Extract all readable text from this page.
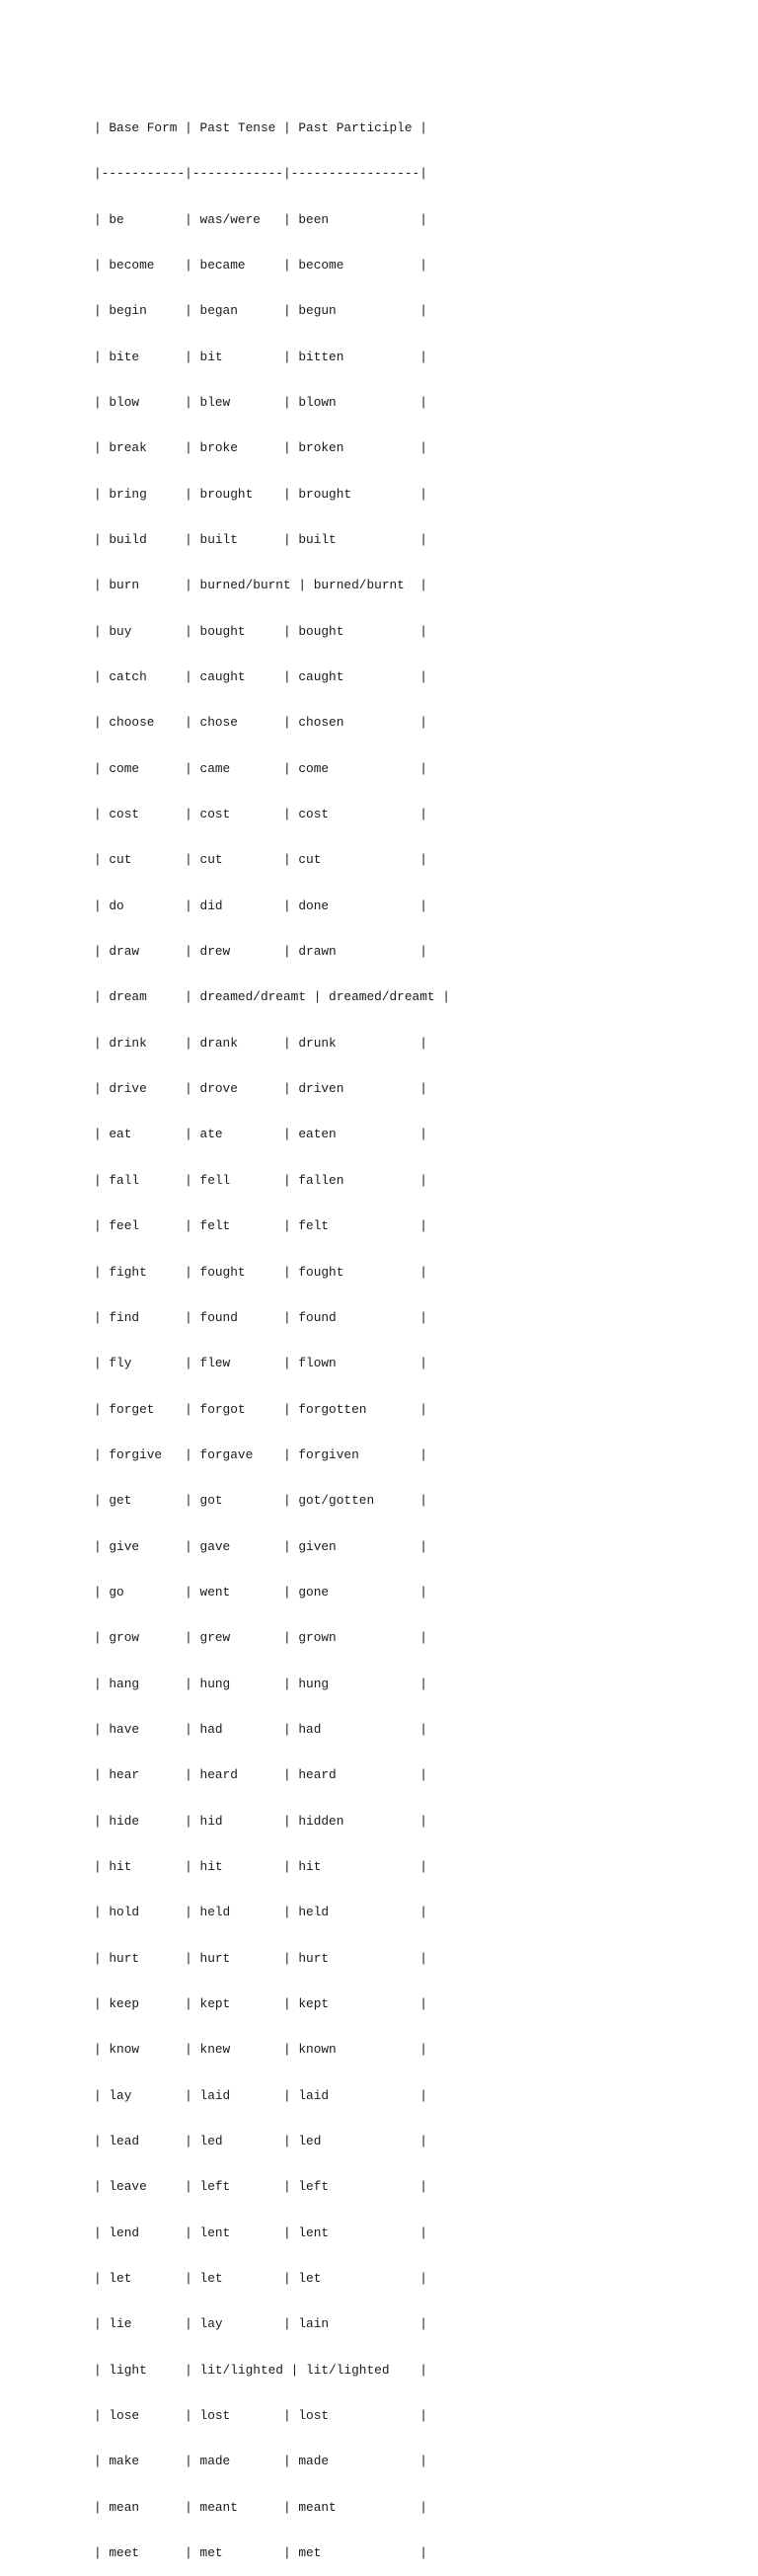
| Base Form | Past Tense | Past Participle |

|-----------|------------|-----------------|

| be        | was/were   | been            |

| become    | became     | become          |

| begin     | began      | begun           |

| bite      | bit        | bitten          |

| blow      | blew       | blown           |

| break     | broke      | broken          |

| bring     | brought    | brought         |

| build     | built      | built           |

| burn      | burned/burnt | burned/burnt  |

| buy       | bought     | bought          |

| catch     | caught     | caught          |

| choose    | chose      | chosen          |

| come      | came       | come            |

| cost      | cost       | cost            |

| cut       | cut        | cut             |

| do        | did        | done            |

| draw      | drew       | drawn           |

| dream     | dreamed/dreamt | dreamed/dreamt |

| drink     | drank      | drunk           |

| drive     | drove      | driven          |

| eat       | ate        | eaten           |

| fall      | fell       | fallen          |

| feel      | felt       | felt            |

| fight     | fought     | fought          |

| find      | found      | found           |

| fly       | flew       | flown           |

| forget    | forgot     | forgotten       |

| forgive   | forgave    | forgiven        |

| get       | got        | got/gotten      |

| give      | gave       | given           |

| go        | went       | gone            |

| grow      | grew       | grown           |

| hang      | hung       | hung            |

| have      | had        | had             |

| hear      | heard      | heard           |

| hide      | hid        | hidden          |

| hit       | hit        | hit             |

| hold      | held       | held            |

| hurt      | hurt       | hurt            |

| keep      | kept       | kept            |

| know      | knew       | known           |

| lay       | laid       | laid            |

| lead      | led        | led             |

| leave     | left       | left            |

| lend      | lent       | lent            |

| let       | let        | let             |

| lie       | lay        | lain            |

| light     | lit/lighted | lit/lighted    |

| lose      | lost       | lost            |

| make      | made       | made            |

| mean      | meant      | meant           |

| meet      | met        | met             |
